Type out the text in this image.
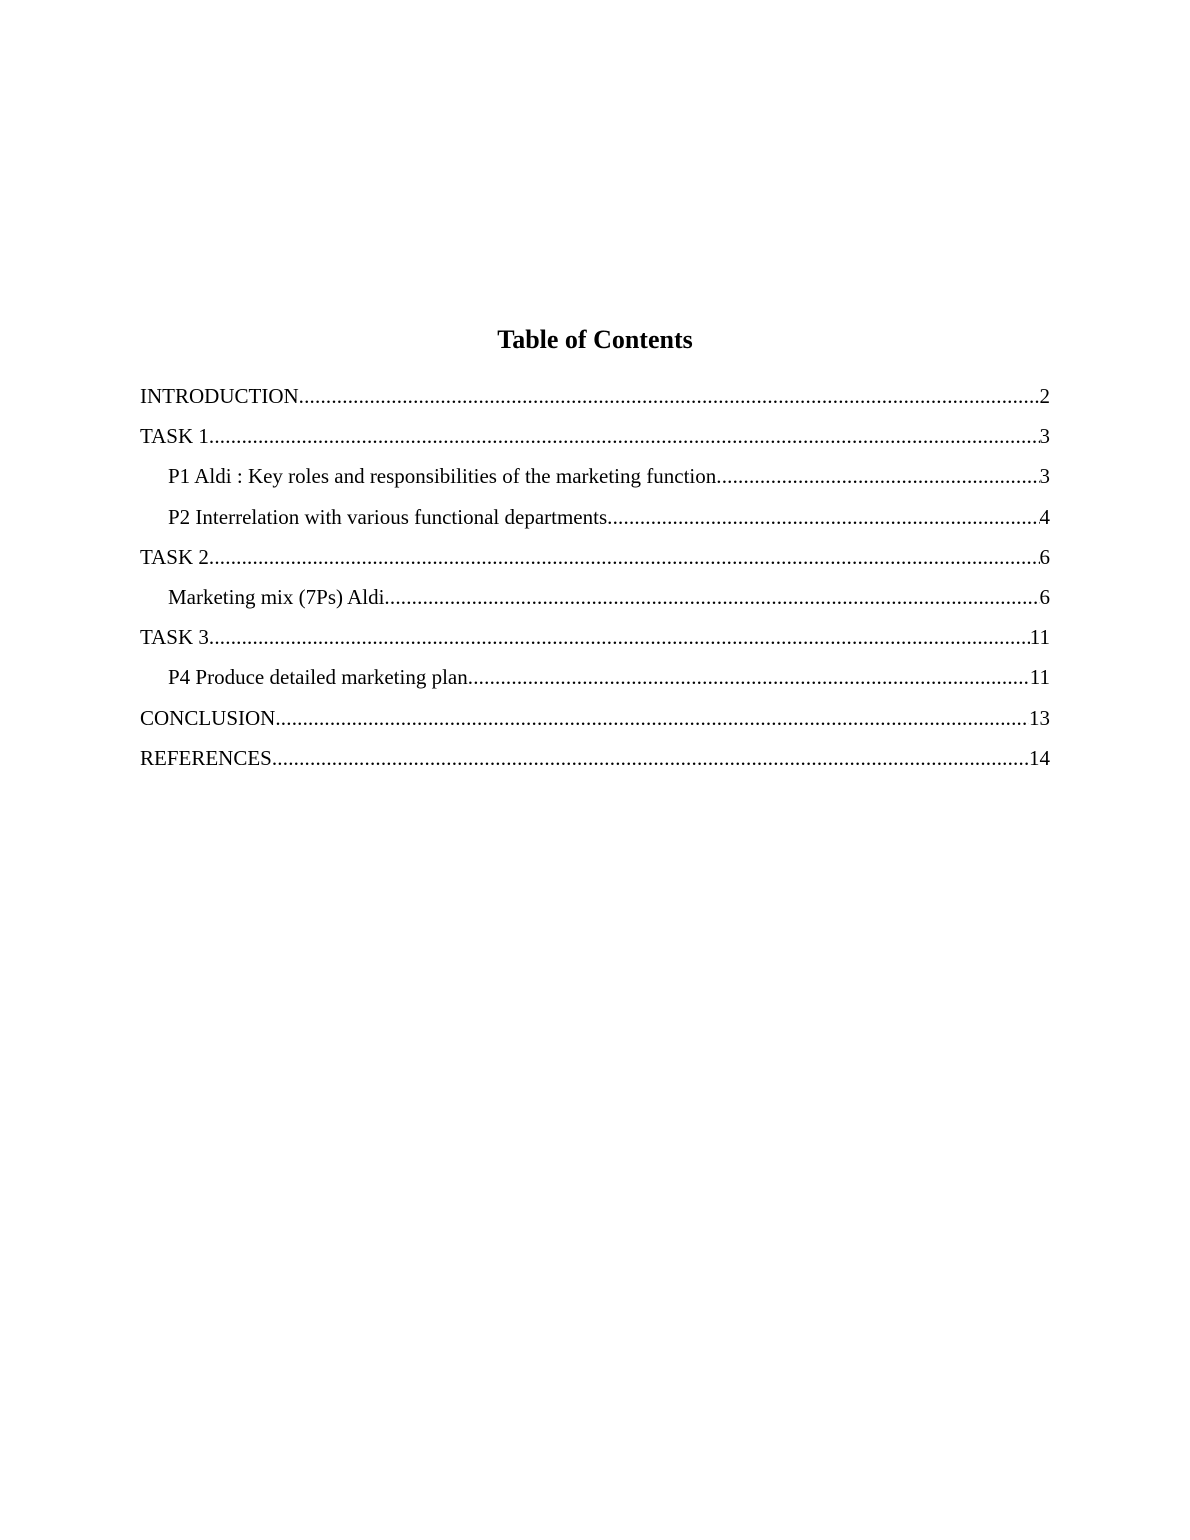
Table of Contents
INTRODUCTION .....	2
TASK 1 .....	3
P1 Aldi : Key roles and responsibilities of the marketing function .....	3
P2 Interrelation with various functional departments .....	4
TASK 2 .....	6
Marketing mix (7Ps) Aldi .....	6
TASK 3 .....	11
P4 Produce detailed marketing plan .....	11
CONCLUSION .....	13
REFERENCES .....	14
